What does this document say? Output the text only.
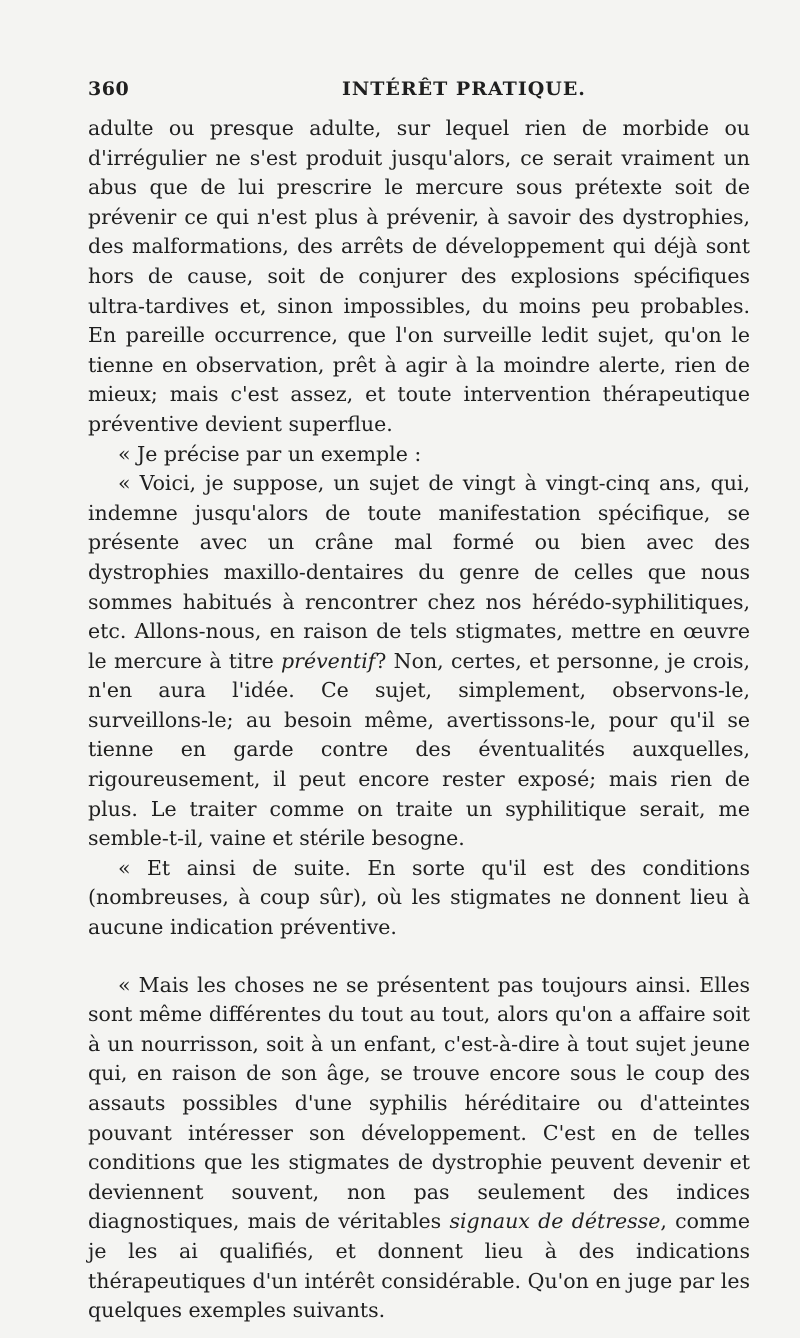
360	INTÉRÊT PRATIQUE.

adulte ou presque adulte, sur lequel rien de morbide ou d'irrégulier ne s'est produit jusqu'alors, ce serait vraiment un abus que de lui prescrire le mercure sous prétexte soit de prévenir ce qui n'est plus à prévenir, à savoir des dystrophies, des malformations, des arrêts de développement qui déjà sont hors de cause, soit de conjurer des explosions spécifiques ultra-tardives et, sinon impossibles, du moins peu probables. En pareille occurrence, que l'on surveille ledit sujet, qu'on le tienne en observation, prêt à agir à la moindre alerte, rien de mieux; mais c'est assez, et toute intervention thérapeutique préventive devient superflue.

« Je précise par un exemple :

« Voici, je suppose, un sujet de vingt à vingt-cinq ans, qui, indemne jusqu'alors de toute manifestation spécifique, se présente avec un crâne mal formé ou bien avec des dystrophies maxillo-dentaires du genre de celles que nous sommes habitués à rencontrer chez nos hérédo-syphilitiques, etc. Allons-nous, en raison de tels stigmates, mettre en œuvre le mercure à titre préventif? Non, certes, et personne, je crois, n'en aura l'idée. Ce sujet, simplement, observons-le, surveillons-le; au besoin même, avertissons-le, pour qu'il se tienne en garde contre des éventualités auxquelles, rigoureusement, il peut encore rester exposé; mais rien de plus. Le traiter comme on traite un syphilitique serait, me semble-t-il, vaine et stérile besogne.

« Et ainsi de suite. En sorte qu'il est des conditions (nombreuses, à coup sûr), où les stigmates ne donnent lieu à aucune indication préventive.

« Mais les choses ne se présentent pas toujours ainsi. Elles sont même différentes du tout au tout, alors qu'on a affaire soit à un nourrisson, soit à un enfant, c'est-à-dire à tout sujet jeune qui, en raison de son âge, se trouve encore sous le coup des assauts possibles d'une syphilis héréditaire ou d'atteintes pouvant intéresser son développement. C'est en de telles conditions que les stigmates de dystrophie peuvent devenir et deviennent souvent, non pas seulement des indices diagnostiques, mais de véritables signaux de détresse, comme je les ai qualifiés, et donnent lieu à des indications thérapeutiques d'un intérêt considérable. Qu'on en juge par les quelques exemples suivants.
